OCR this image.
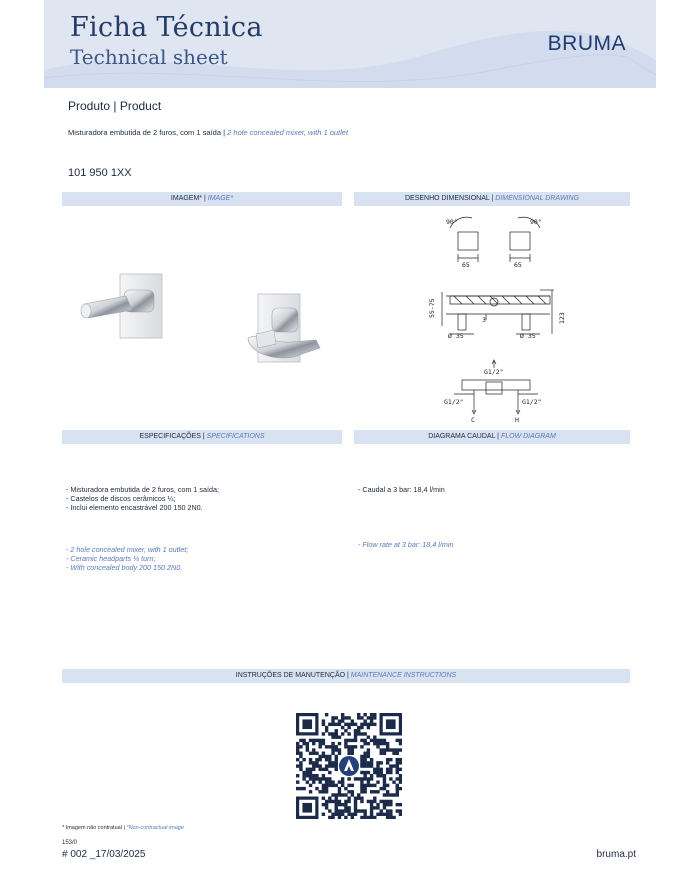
Ficha Técnica
Technical sheet
BRUMA
Produto | Product
Misturadora embutida de 2 furos, com 1 saída | 2 hole concealed mixer, with 1 outlet
101 950 1XX
IMAGEM* | IMAGE*	DESENHO DIMENSIONAL | DIMENSIONAL DRAWING
ESPECIFICAÇÕES | SPECIFICATIONS	DIAGRAMA CAUDAL | FLOW DIAGRAM
INSTRUÇÕES DE MANUTENÇÃO | MAINTENANCE INSTRUCTIONS
90°
65
90°
65
55-75
123
3
Ø 35	Ø 35
G1/2"
G1/2"	G1/2"
C	H
- Misturadora embutida de 2 furos, com 1 saída;
- Castelos de discos cerâmicos ¼;
- Inclui elemento encastrável 200 150 2N0.
- 2 hole concealed mixer, with 1 outlet;
- Ceramic headparts ¼ turn;
- With concealed body 200 150 2N0.
- Caudal a 3 bar: 18,4 l/min
- Flow rate at 3 bar: 18,4 l/min
* Imagem não contratual | *Non-contractual image
153/0
# 002 _17/03/2025	bruma.pt
